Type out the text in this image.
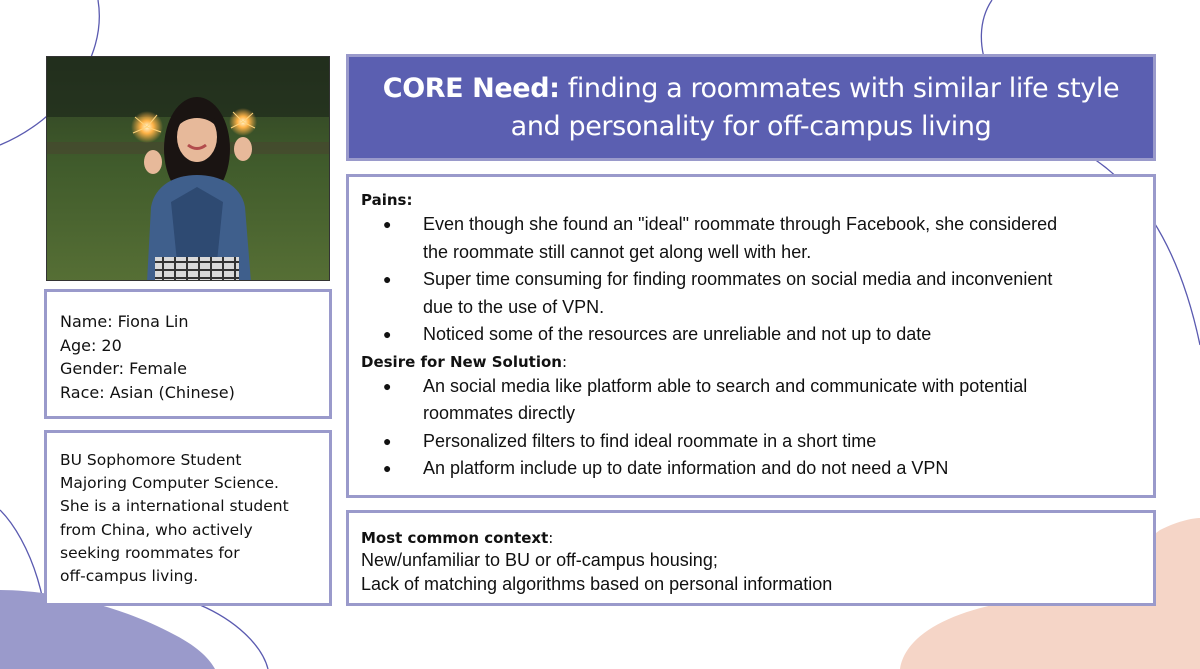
Name: Fiona Lin
Age: 20
Gender: Female
Race: Asian (Chinese)
BU Sophomore Student
Majoring Computer Science.
She is a international student
from China, who actively
seeking roommates for
off-campus living.
CORE Need: finding a roommates with similar life style and personality for off-campus living
Pains:
● Even though she found an "ideal" roommate through Facebook, she considered
the roommate still cannot get along well with her.
● Super time consuming for finding roommates on social media and inconvenient
due to the use of VPN.
● Noticed some of the resources are unreliable and not up to date
Desire for New Solution:
● An social media like platform able to search and communicate with potential
roommates directly
● Personalized filters to find ideal roommate in a short time
● An platform include up to date information and do not need a VPN
Most common context:
New/unfamiliar to BU or off-campus housing;
Lack of matching algorithms based on personal information
